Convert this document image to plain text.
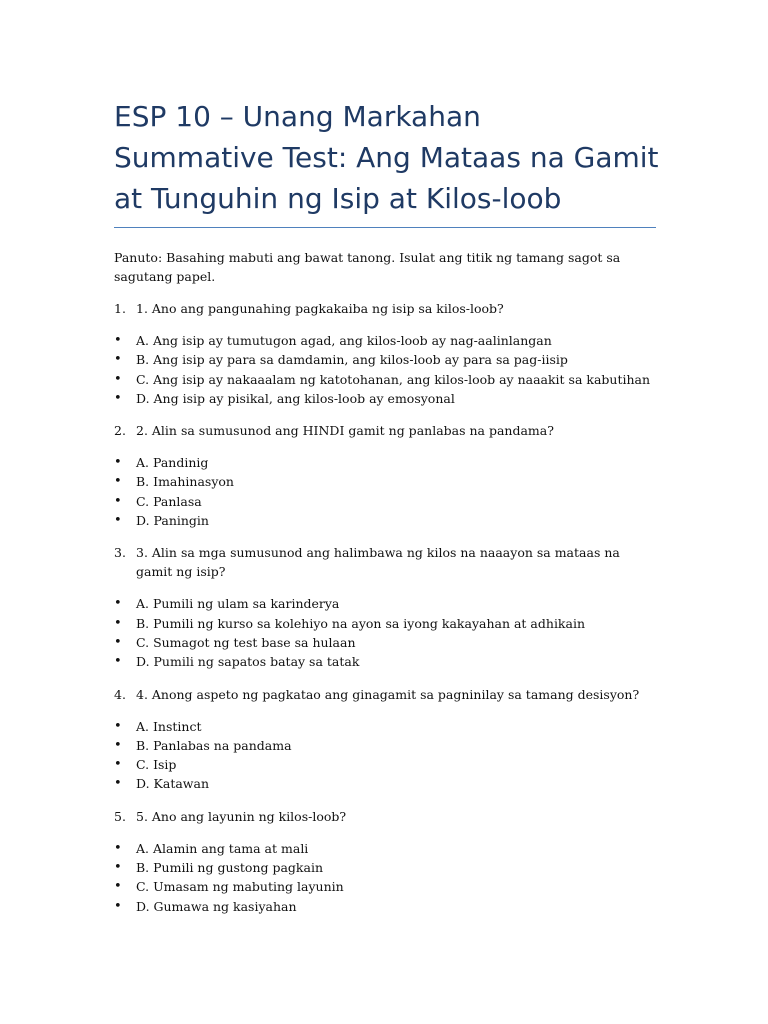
ESP 10 – Unang Markahan
Summative Test: Ang Mataas na Gamit
at Tunguhin ng Isip at Kilos-loob

Panuto: Basahing mabuti ang bawat tanong. Isulat ang titik ng tamang sagot sa sagutang papel.

1. 1. Ano ang pangunahing pagkakaiba ng isip sa kilos-loob?
• A. Ang isip ay tumutugon agad, ang kilos-loob ay nag-aalinlangan
• B. Ang isip ay para sa damdamin, ang kilos-loob ay para sa pag-iisip
• C. Ang isip ay nakaaalam ng katotohanan, ang kilos-loob ay naaakit sa kabutihan
• D. Ang isip ay pisikal, ang kilos-loob ay emosyonal
2. 2. Alin sa sumusunod ang HINDI gamit ng panlabas na pandama?
• A. Pandinig
• B. Imahinasyon
• C. Panlasa
• D. Paningin
3. 3. Alin sa mga sumusunod ang halimbawa ng kilos na naaayon sa mataas na gamit ng isip?
• A. Pumili ng ulam sa karinderya
• B. Pumili ng kurso sa kolehiyo na ayon sa iyong kakayahan at adhikain
• C. Sumagot ng test base sa hulaan
• D. Pumili ng sapatos batay sa tatak
4. 4. Anong aspeto ng pagkatao ang ginagamit sa pagninilay sa tamang desisyon?
• A. Instinct
• B. Panlabas na pandama
• C. Isip
• D. Katawan
5. 5. Ano ang layunin ng kilos-loob?
• A. Alamin ang tama at mali
• B. Pumili ng gustong pagkain
• C. Umasam ng mabuting layunin
• D. Gumawa ng kasiyahan
